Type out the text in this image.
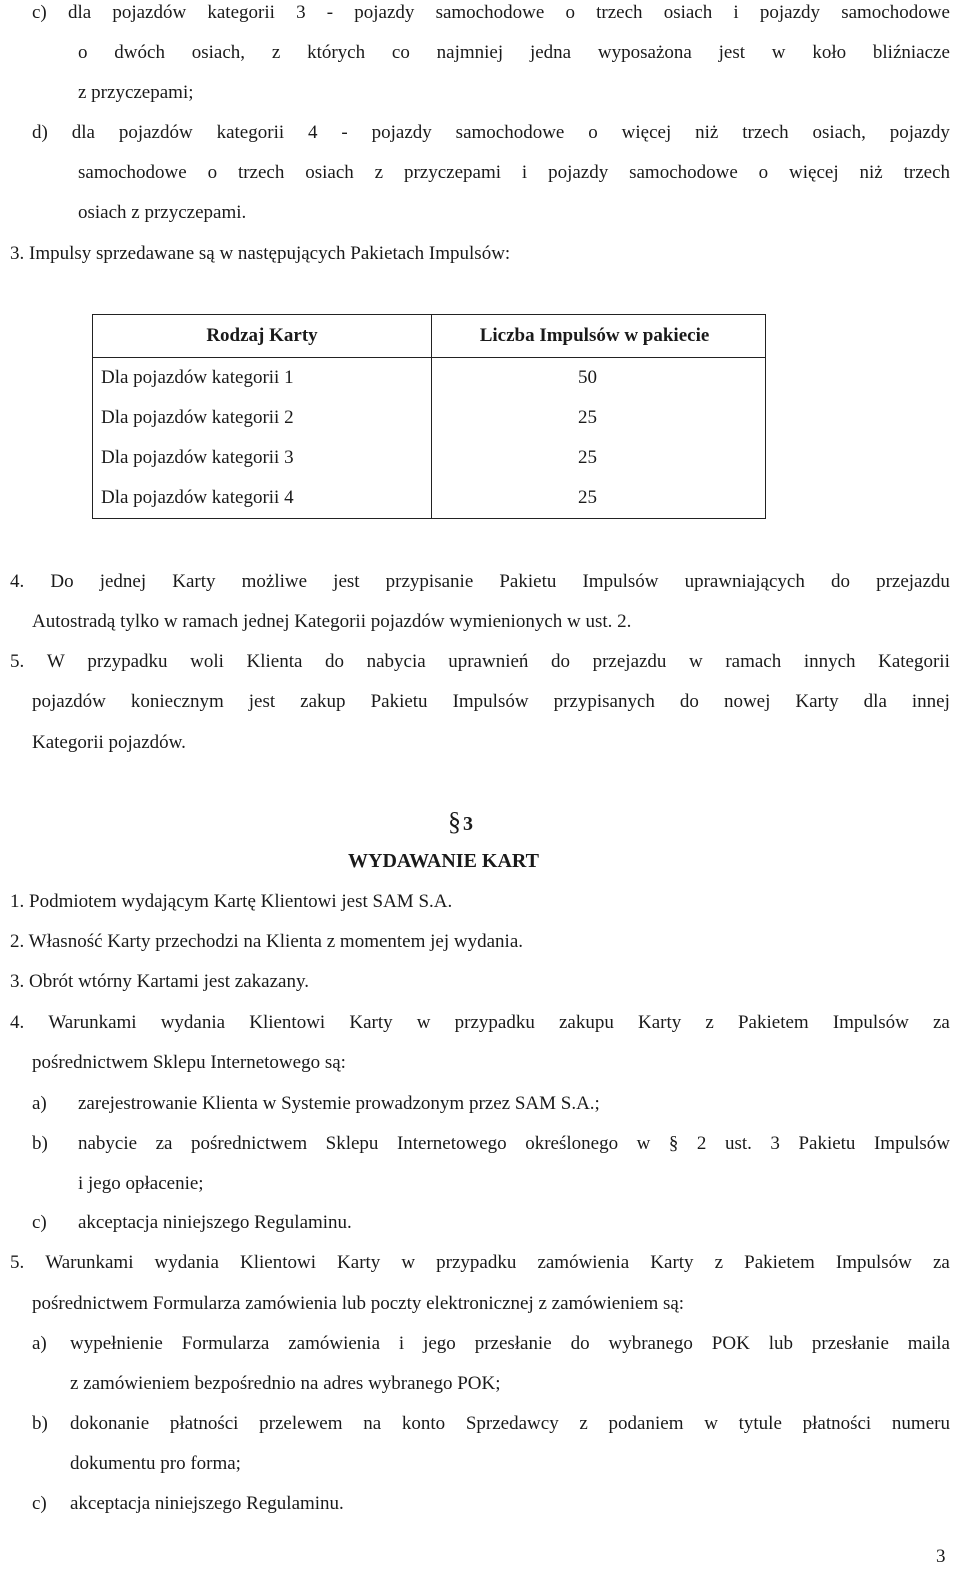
c) dla pojazdów kategorii 3 - pojazdy samochodowe o trzech osiach i pojazdy samochodowe
o dwóch osiach, z których co najmniej jedna wyposażona jest w koło bliźniacze
z przyczepami;
d) dla pojazdów kategorii 4 - pojazdy samochodowe o więcej niż trzech osiach, pojazdy
samochodowe o trzech osiach z przyczepami i pojazdy samochodowe o więcej niż trzech
osiach z przyczepami.
3. Impulsy sprzedawane są w następujących Pakietach Impulsów:
Rodzaj Karty	Liczba Impulsów w pakiecie
Dla pojazdów kategorii 1	50
Dla pojazdów kategorii 2	25
Dla pojazdów kategorii 3	25
Dla pojazdów kategorii 4	25
4. Do jednej Karty możliwe jest przypisanie Pakietu Impulsów uprawniających do przejazdu
Autostradą tylko w ramach jednej Kategorii pojazdów wymienionych w ust. 2.
5. W przypadku woli Klienta do nabycia uprawnień do przejazdu w ramach innych Kategorii
pojazdów koniecznym jest zakup Pakietu Impulsów przypisanych do nowej Karty dla innej
Kategorii pojazdów.
§ 3
WYDAWANIE KART
1. Podmiotem wydającym Kartę Klientowi jest SAM S.A.
2. Własność Karty przechodzi na Klienta z momentem jej wydania.
3. Obrót wtórny Kartami jest zakazany.
4. Warunkami wydania Klientowi Karty w przypadku zakupu Karty z Pakietem Impulsów za
pośrednictwem Sklepu Internetowego są:
a) zarejestrowanie Klienta w Systemie prowadzonym przez SAM S.A.;
b) nabycie za pośrednictwem Sklepu Internetowego określonego w § 2 ust. 3 Pakietu Impulsów
i jego opłacenie;
c) akceptacja niniejszego Regulaminu.
5. Warunkami wydania Klientowi Karty w przypadku zamówienia Karty z Pakietem Impulsów za
pośrednictwem Formularza zamówienia lub poczty elektronicznej z zamówieniem są:
a) wypełnienie Formularza zamówienia i jego przesłanie do wybranego POK lub przesłanie maila
z zamówieniem bezpośrednio na adres wybranego POK;
b) dokonanie płatności przelewem na konto Sprzedawcy z podaniem w tytule płatności numeru
dokumentu pro forma;
c) akceptacja niniejszego Regulaminu.
3
